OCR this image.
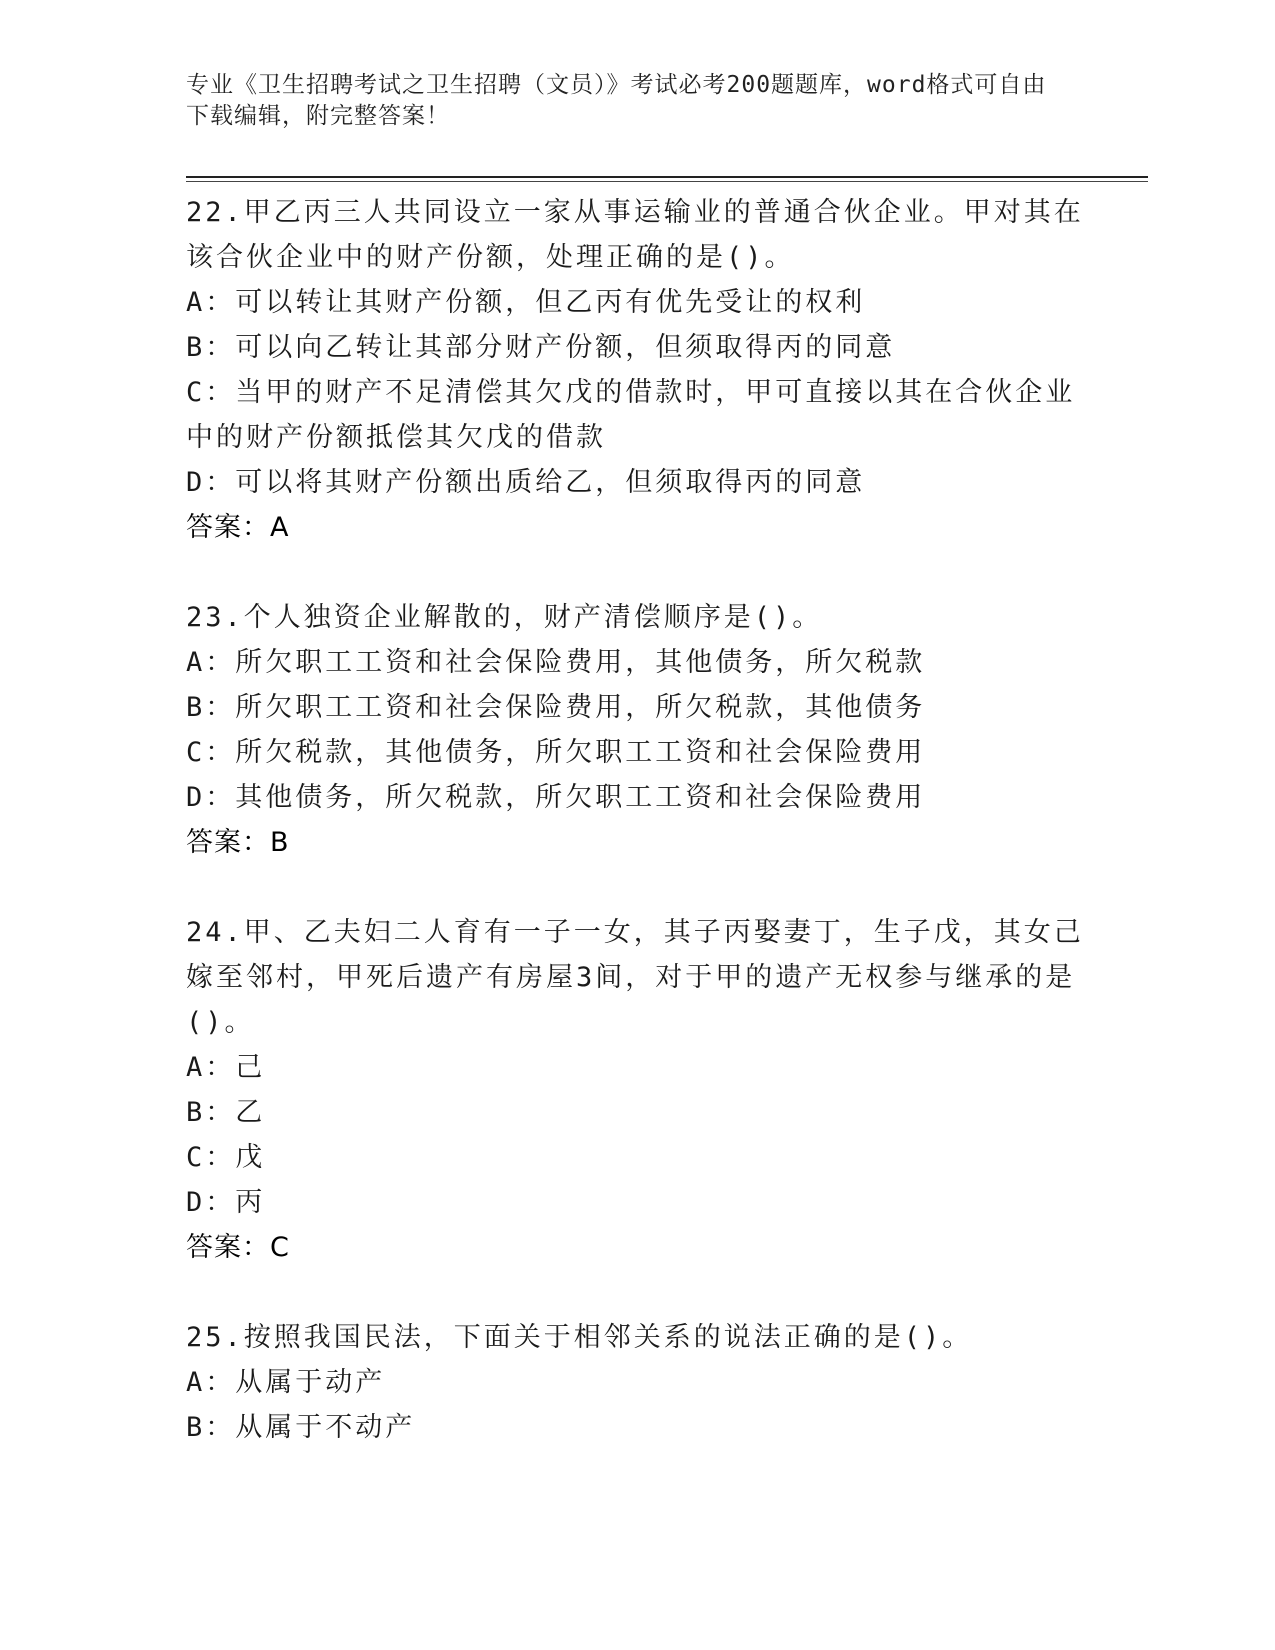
专业《卫生招聘考试之卫生招聘（文员）》考试必考200题题库，word格式可自由下载编辑，附完整答案！
22.甲乙丙三人共同设立一家从事运输业的普通合伙企业。甲对其在该合伙企业中的财产份额，处理正确的是()。
A：可以转让其财产份额，但乙丙有优先受让的权利
B：可以向乙转让其部分财产份额，但须取得丙的同意
C：当甲的财产不足清偿其欠戊的借款时，甲可直接以其在合伙企业中的财产份额抵偿其欠戊的借款
D：可以将其财产份额出质给乙，但须取得丙的同意
答案：A
23.个人独资企业解散的，财产清偿顺序是()。
A：所欠职工工资和社会保险费用，其他债务，所欠税款
B：所欠职工工资和社会保险费用，所欠税款，其他债务
C：所欠税款，其他债务，所欠职工工资和社会保险费用
D：其他债务，所欠税款，所欠职工工资和社会保险费用
答案：B
24.甲、乙夫妇二人育有一子一女，其子丙娶妻丁，生子戊，其女己嫁至邻村，甲死后遗产有房屋3间，对于甲的遗产无权参与继承的是()。
A：己
B：乙
C：戊
D：丙
答案：C
25.按照我国民法，下面关于相邻关系的说法正确的是()。
A：从属于动产
B：从属于不动产
